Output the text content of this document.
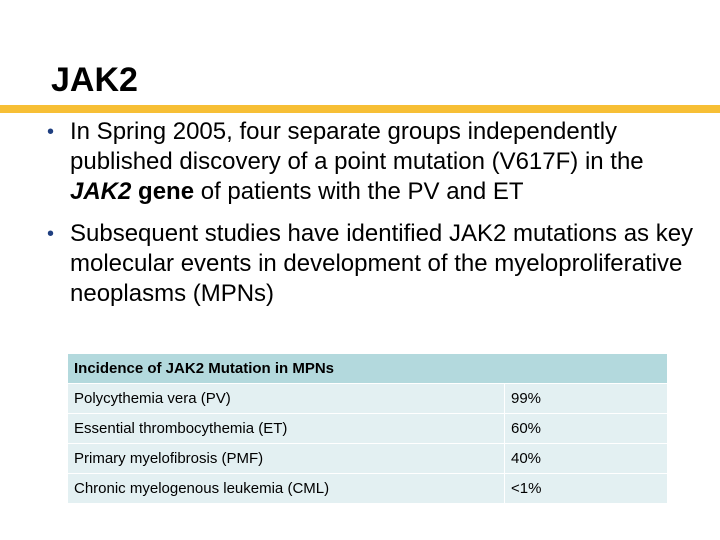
JAK2
• In Spring 2005, four separate groups independently published discovery of a point mutation (V617F) in the JAK2 gene of patients with the PV and ET
• Subsequent studies have identified JAK2 mutations as key molecular events in development of the myeloproliferative neoplasms (MPNs)
Incidence of JAK2 Mutation in MPNs	
Polycythemia vera (PV)	99%
Essential thrombocythemia (ET)	60%
Primary myelofibrosis (PMF)	40%
Chronic myelogenous leukemia (CML)	<1%
